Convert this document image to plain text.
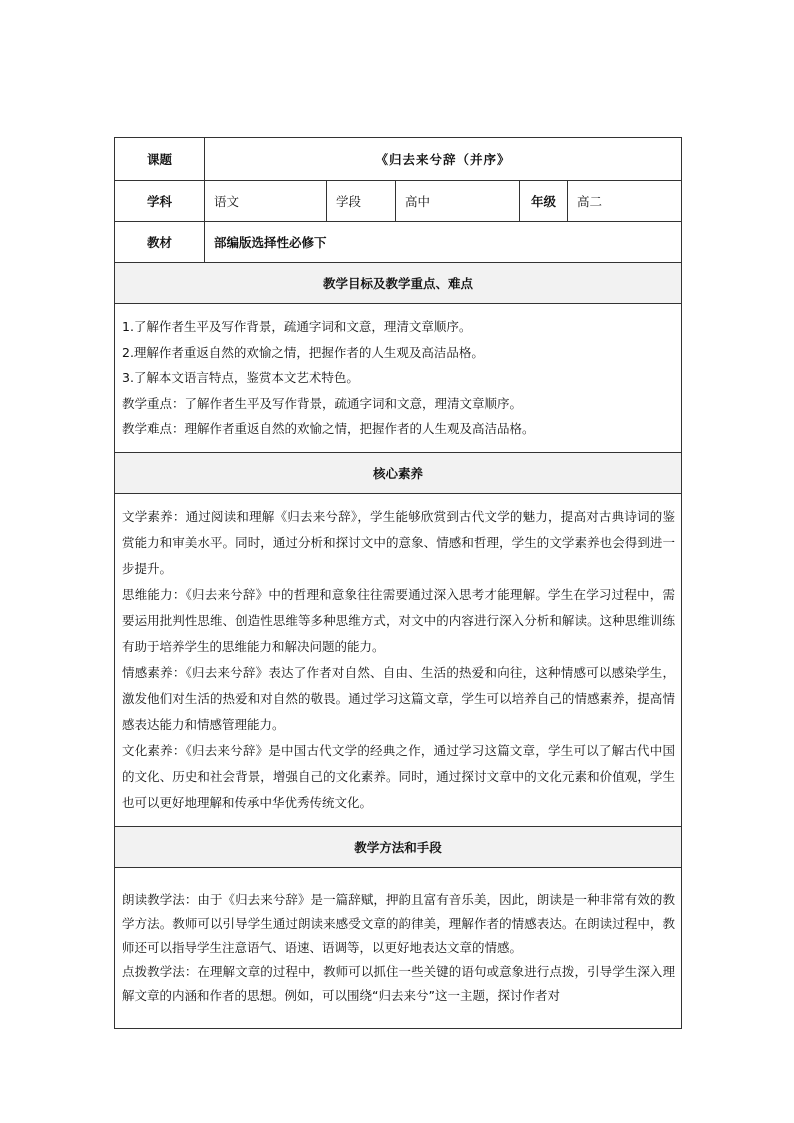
课题	《归去来兮辞（并序》				
学科	语文	学段	高中	年级	高二
教材	部编版选择性必修下				
教学目标及教学重点、难点					

1.了解作者生平及写作背景，疏通字词和文意，理清文章顺序。

2.理解作者重返自然的欢愉之情，把握作者的人生观及高洁品格。

3.了解本文语言特点，鉴赏本文艺术特色。

教学重点：了解作者生平及写作背景，疏通字词和文意，理清文章顺序。

教学难点：理解作者重返自然的欢愉之情，把握作者的人生观及高洁品格。					

核心素养					

文学素养：通过阅读和理解《归去来兮辞》，学生能够欣赏到古代文学的魅力，提高对古典诗词的鉴赏能力和审美水平。同时，通过分析和探讨文中的意象、情感和哲理，学生的文学素养也会得到进一步提升。

思维能力：《归去来兮辞》中的哲理和意象往往需要通过深入思考才能理解。学生在学习过程中，需要运用批判性思维、创造性思维等多种思维方式，对文中的内容进行深入分析和解读。这种思维训练有助于培养学生的思维能力和解决问题的能力。

情感素养：《归去来兮辞》表达了作者对自然、自由、生活的热爱和向往，这种情感可以感染学生，激发他们对生活的热爱和对自然的敬畏。通过学习这篇文章，学生可以培养自己的情感素养，提高情感表达能力和情感管理能力。

文化素养：《归去来兮辞》是中国古代文学的经典之作，通过学习这篇文章，学生可以了解古代中国的文化、历史和社会背景，增强自己的文化素养。同时，通过探讨文章中的文化元素和价值观，学生也可以更好地理解和传承中华优秀传统文化。					

教学方法和手段					

朗读教学法：由于《归去来兮辞》是一篇辞赋，押韵且富有音乐美，因此，朗读是一种非常有效的教学方法。教师可以引导学生通过朗读来感受文章的韵律美，理解作者的情感表达。在朗读过程中，教师还可以指导学生注意语气、语速、语调等，以更好地表达文章的情感。

点拨教学法：在理解文章的过程中，教师可以抓住一些关键的语句或意象进行点拨，引导学生深入理解文章的内涵和作者的思想。例如，可以围绕“归去来兮”这一主题，探讨作者对					
